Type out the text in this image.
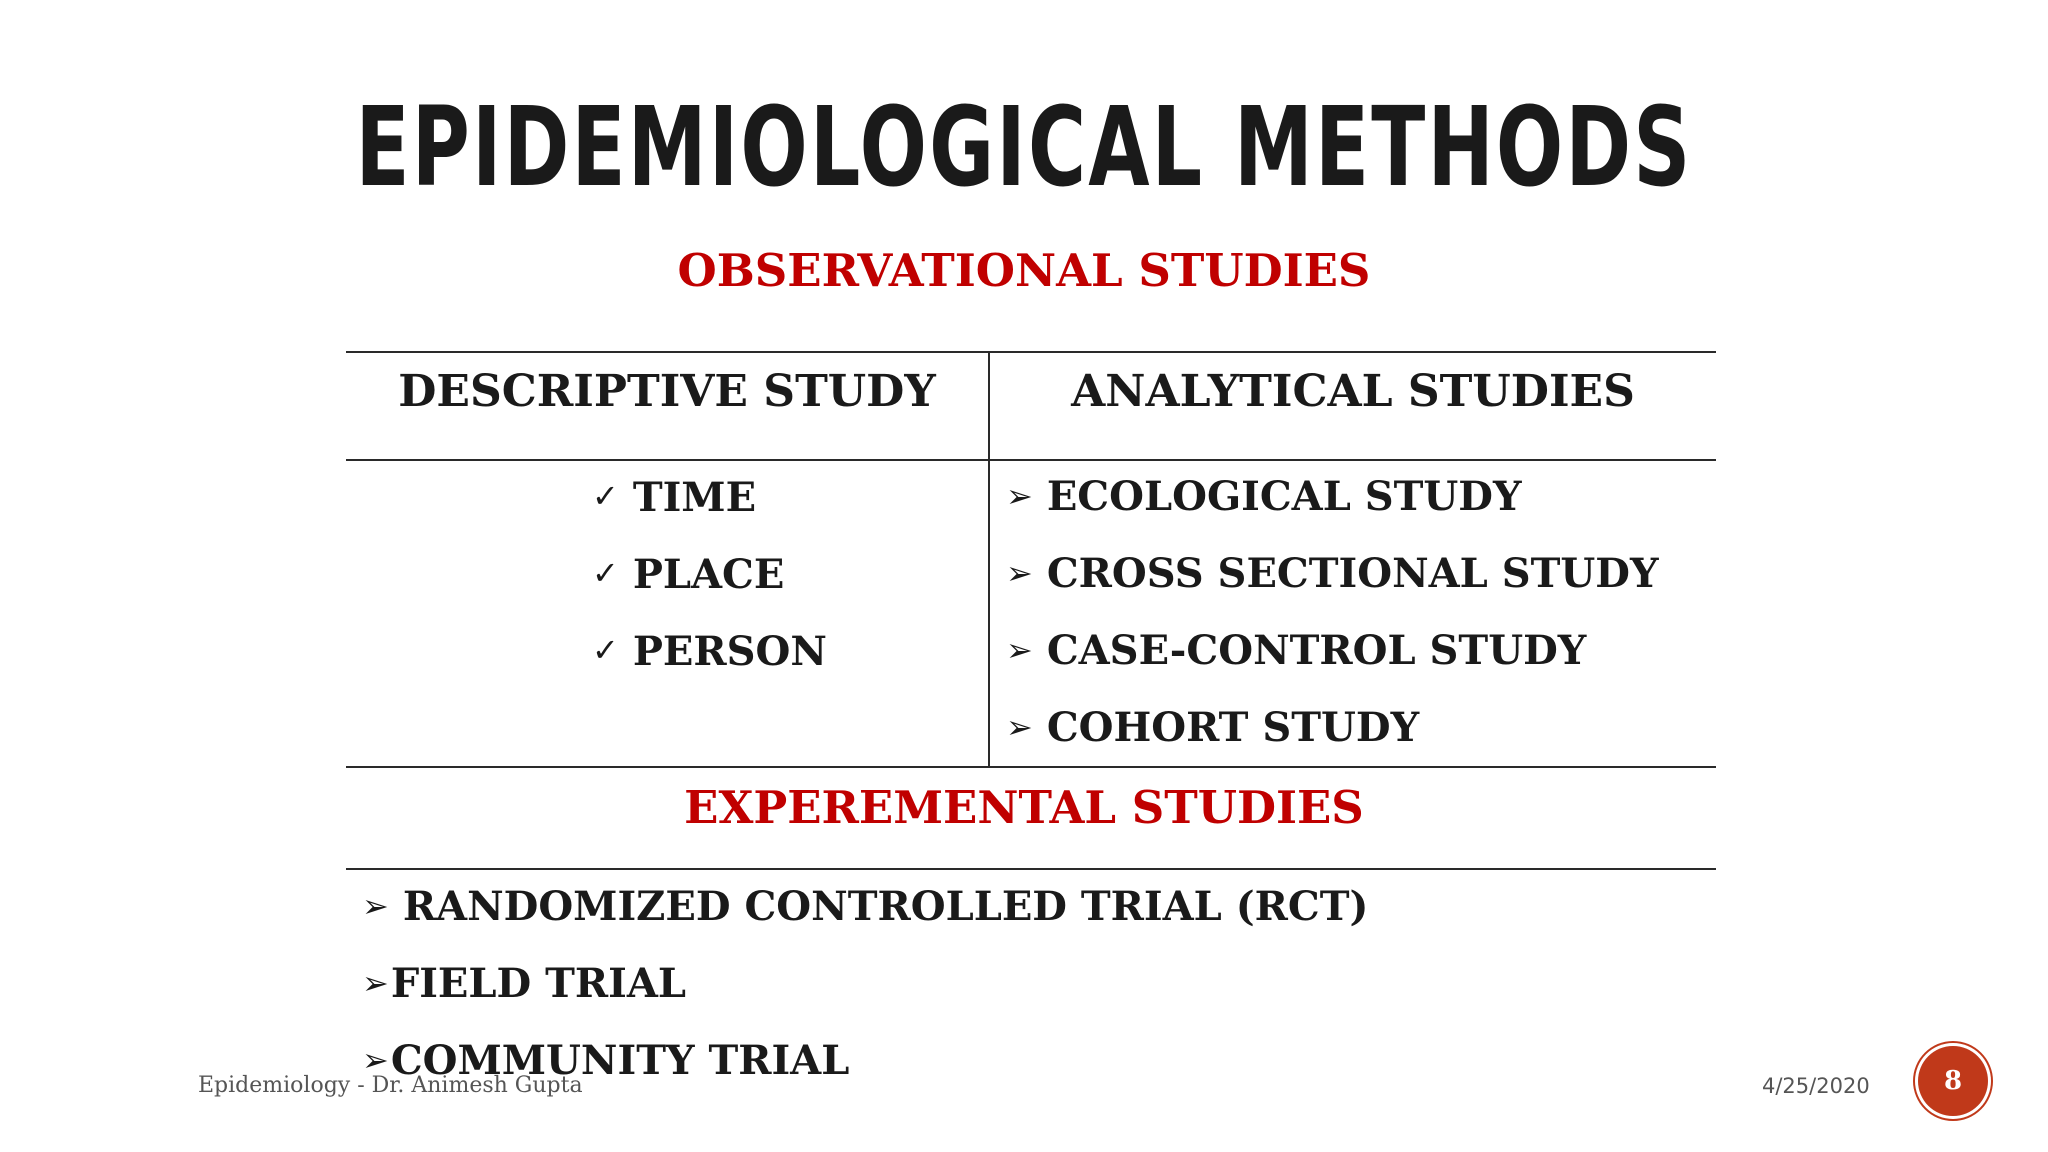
EPIDEMIOLOGICAL METHODS
OBSERVATIONAL STUDIES
DESCRIPTIVE STUDY	ANALYTICAL STUDIES
✓ TIME
✓ PLACE
✓ PERSON
➢ ECOLOGICAL STUDY
➢ CROSS SECTIONAL STUDY
➢ CASE-CONTROL STUDY
➢ COHORT STUDY
EXPEREMENTAL STUDIES
➢ RANDOMIZED CONTROLLED TRIAL (RCT)
➢FIELD TRIAL
➢COMMUNITY TRIAL
Epidemiology - Dr. Animesh Gupta	4/25/2020	8
